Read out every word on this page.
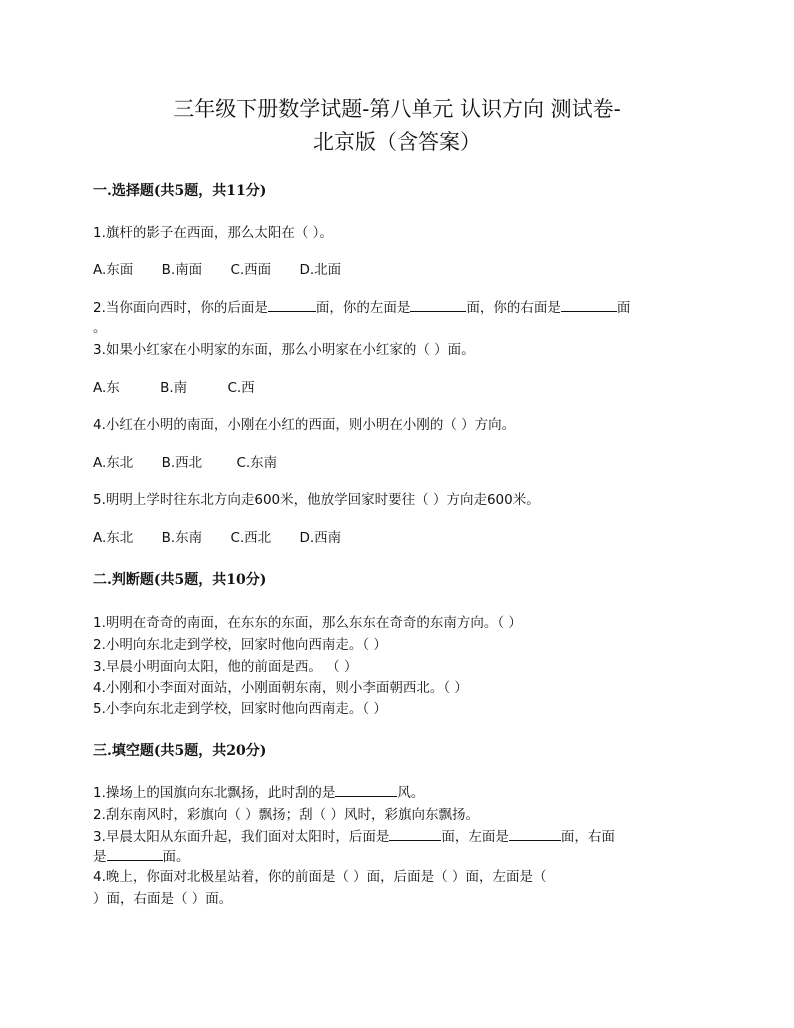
三年级下册数学试题-第八单元 认识方向 测试卷-
北京版（含答案）
一.选择题(共5题，共11分)
1.旗杆的影子在西面，那么太阳在（ ）。
A.东面 B.南面 C.西面 D.北面
2.当你面向西时，你的后面是	面，你的左面是	面，你的右面是	面
。
3.如果小红家在小明家的东面，那么小明家在小红家的（ ）面。
A.东	B.南	C.西
4.小红在小明的南面，小刚在小红的西面，则小明在小刚的（ ）方向。
A.东北 B.西北	C.东南
5.明明上学时往东北方向走600米，他放学回家时要往（ ）方向走600米。
A.东北 B.东南 C.西北 D.西南
二.判断题(共5题，共10分)
1.明明在奇奇的南面，在东东的东面，那么东东在奇奇的东南方向。（ ）
2.小明向东北走到学校，回家时他向西南走。（ ）
3.早晨小明面向太阳，他的前面是西。 （ ）
4.小刚和小李面对面站，小刚面朝东南，则小李面朝西北。（ ）
5.小李向东北走到学校，回家时他向西南走。（ ）
三.填空题(共5题，共20分)
1.操场上的国旗向东北飘扬，此时刮的是	风。
2.刮东南风时，彩旗向（ ）飘扬；刮（ ）风时，彩旗向东飘扬。
3.早晨太阳从东面升起，我们面对太阳时，后面是	面，左面是	面，右面
是	面。
4.晚上，你面对北极星站着，你的前面是（ ）面，后面是（ ）面，左面是（
）面，右面是（ ）面。
